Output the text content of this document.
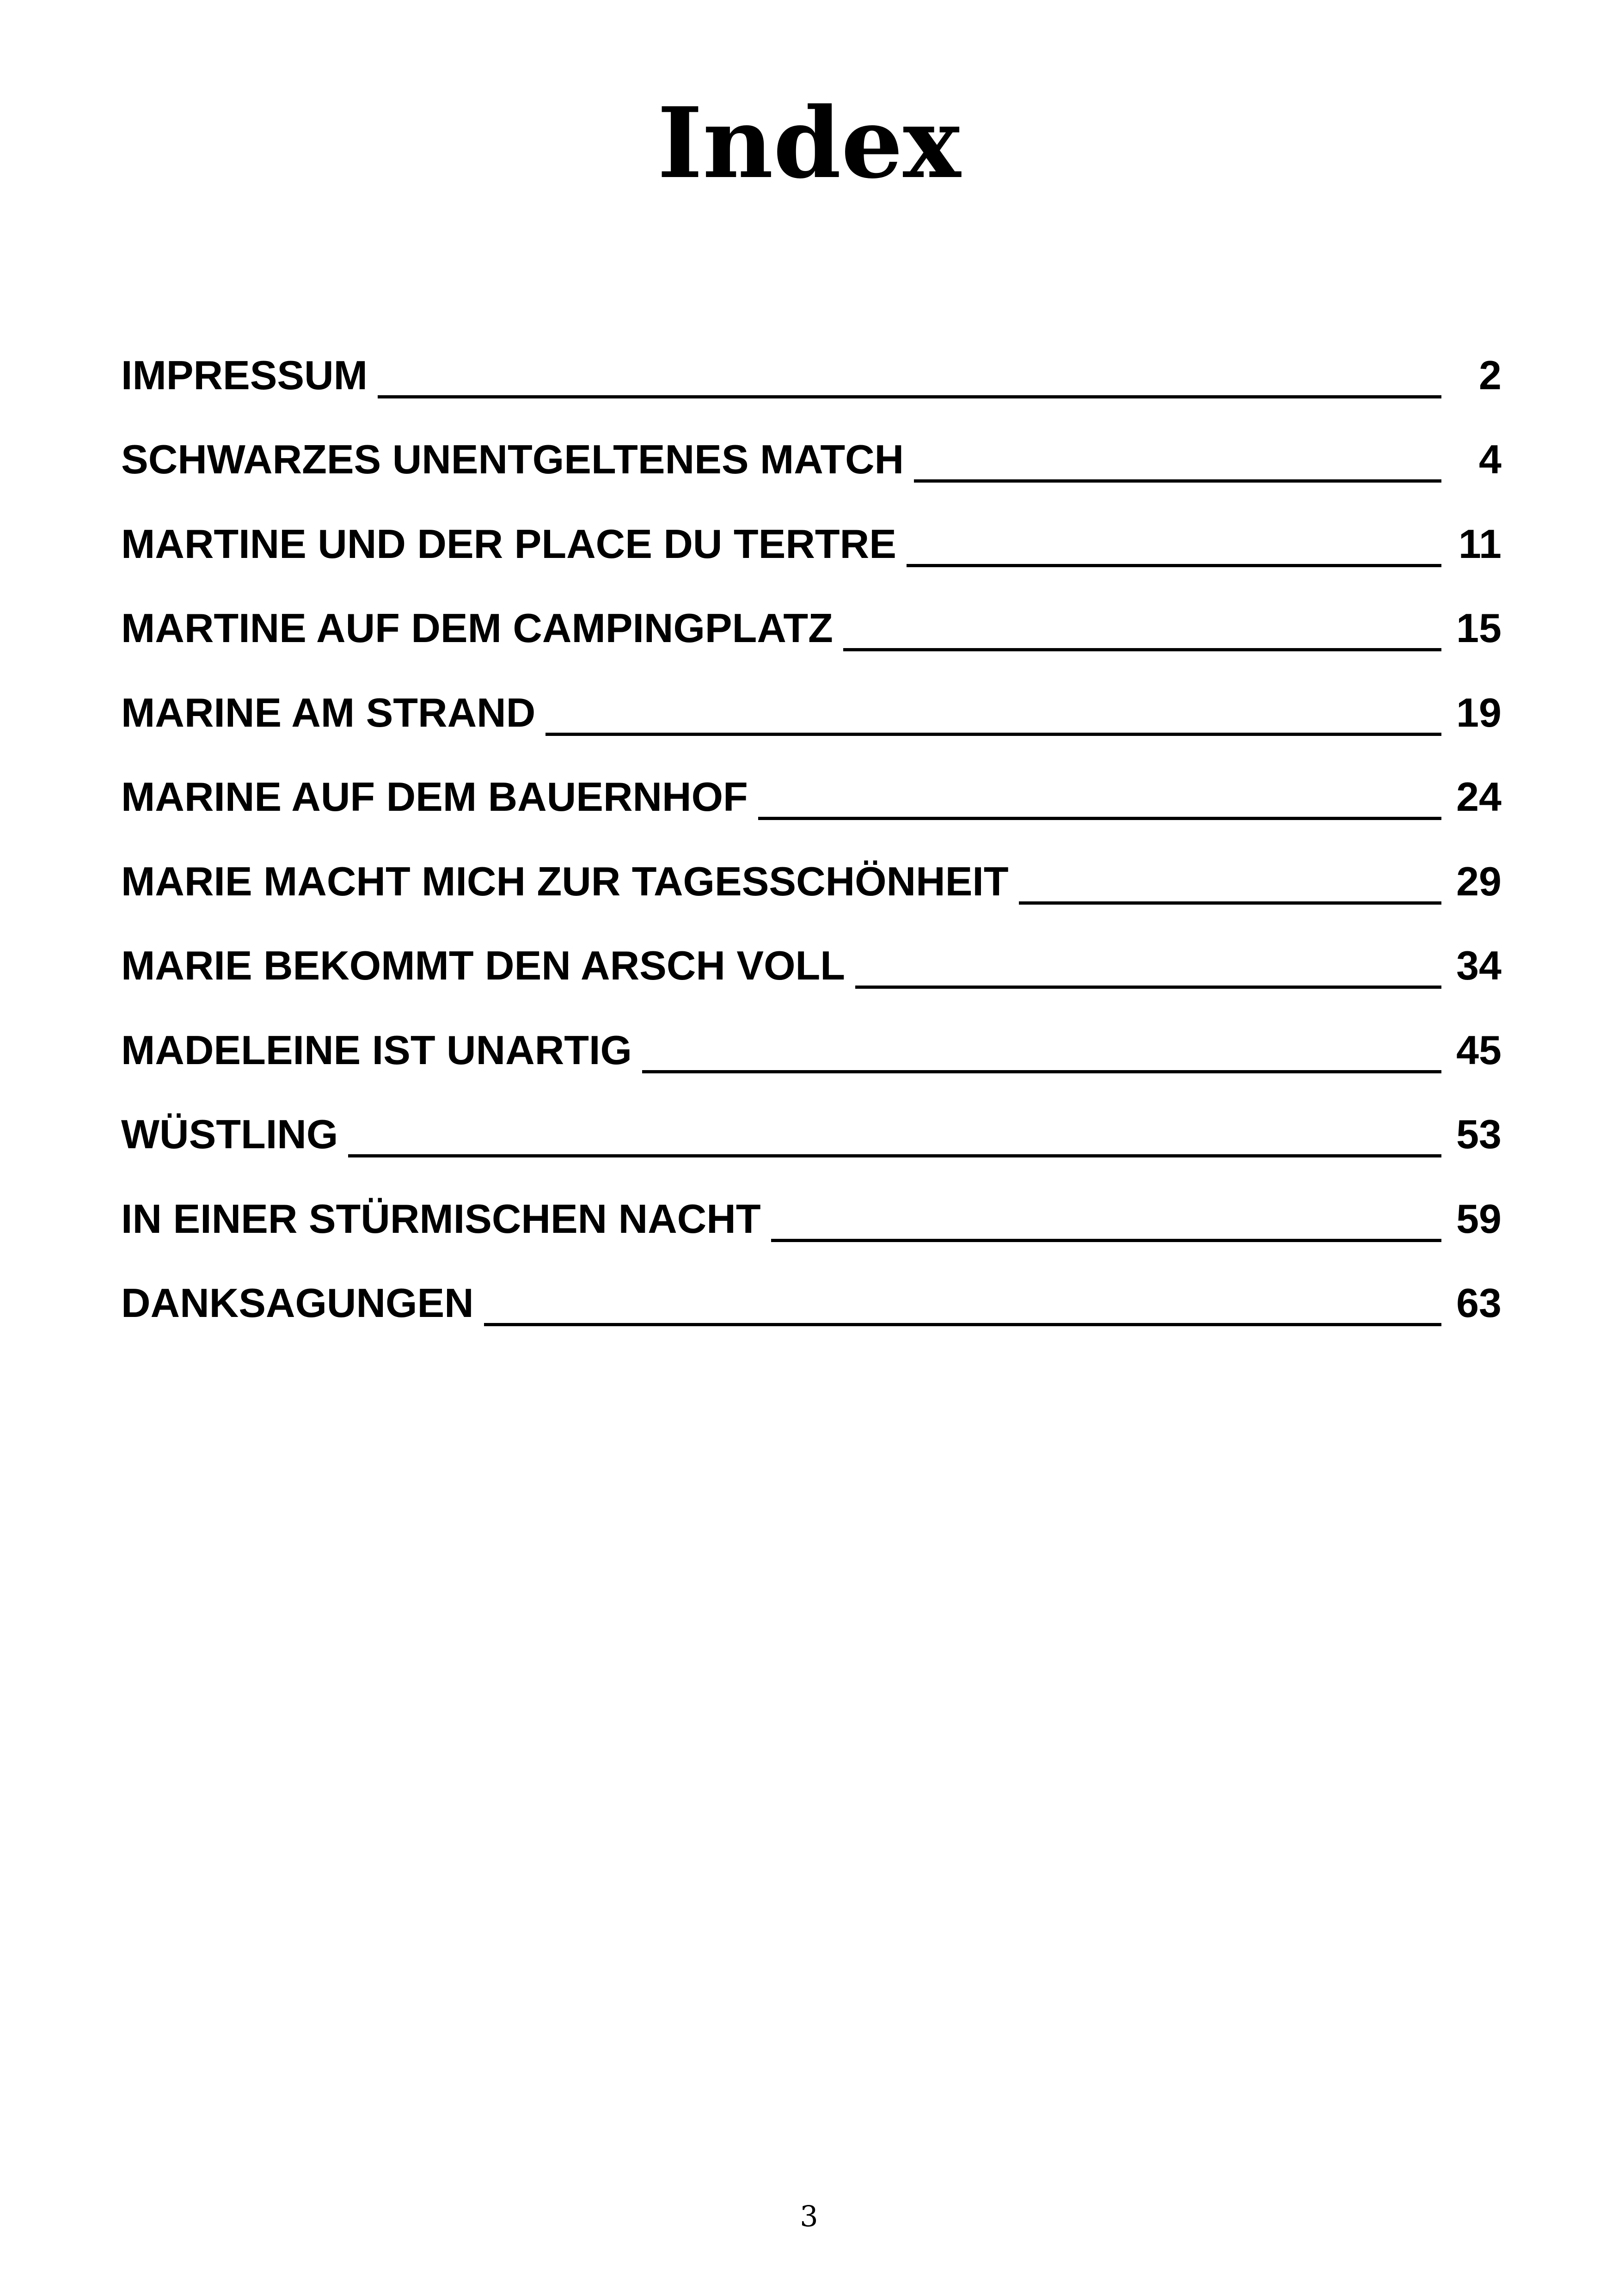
Index
IMPRESSUM	2
SCHWARZES UNENTGELTENES MATCH	4
MARTINE UND DER PLACE DU TERTRE	11
MARTINE AUF DEM CAMPINGPLATZ	15
MARINE AM STRAND	19
MARINE AUF DEM BAUERNHOF	24
MARIE MACHT MICH ZUR TAGESSCHÖNHEIT	29
MARIE BEKOMMT DEN ARSCH VOLL	34
MADELEINE IST UNARTIG	45
WÜSTLING	53
IN EINER STÜRMISCHEN NACHT	59
DANKSAGUNGEN	63
3
